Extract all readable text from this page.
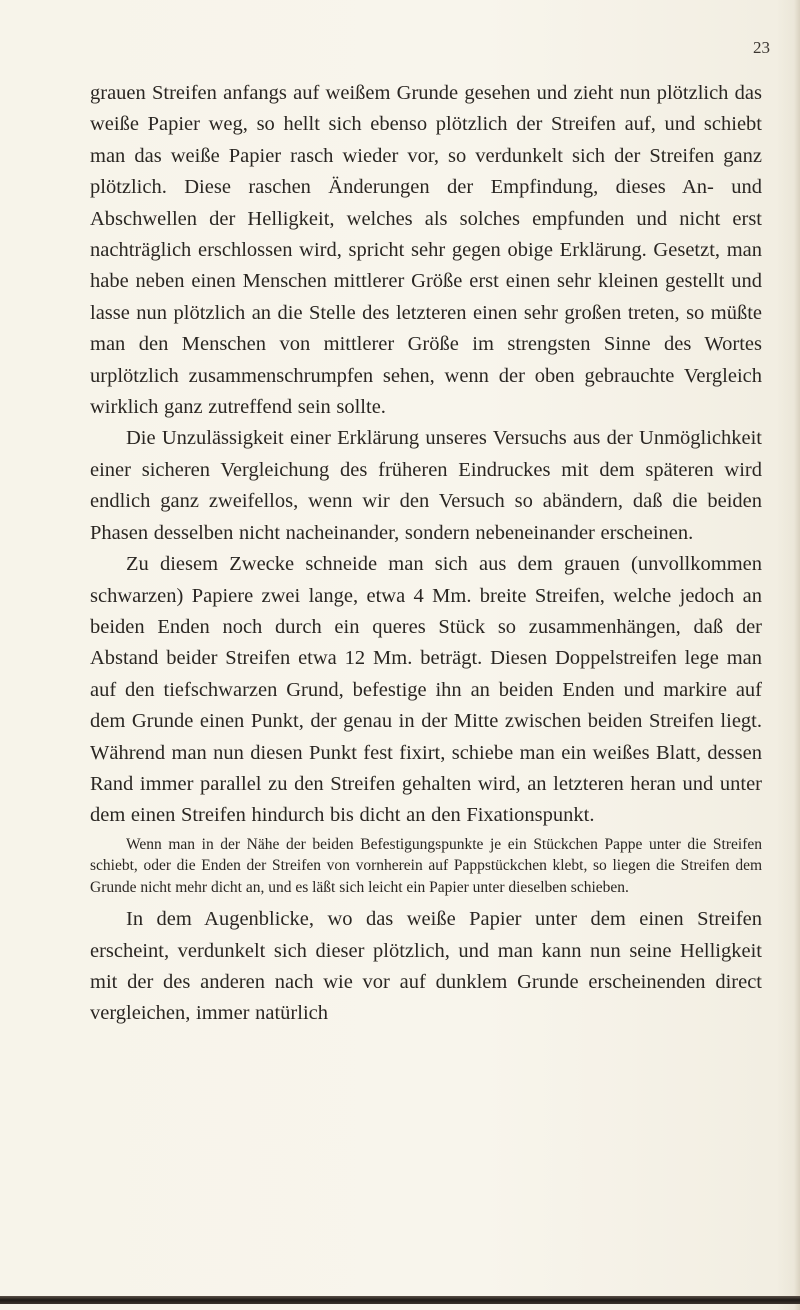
23

grauen Streifen anfangs auf weißem Grunde gesehen und zieht nun plötzlich das weiße Papier weg, so hellt sich ebenso plötzlich der Streifen auf, und schiebt man das weiße Papier rasch wieder vor, so verdunkelt sich der Streifen ganz plötzlich. Diese raschen Änderungen der Empfindung, dieses An- und Abschwellen der Helligkeit, welches als solches empfunden und nicht erst nachträglich erschlossen wird, spricht sehr gegen obige Erklärung. Gesetzt, man habe neben einen Menschen mittlerer Größe erst einen sehr kleinen gestellt und lasse nun plötzlich an die Stelle des letzteren einen sehr großen treten, so müßte man den Menschen von mittlerer Größe im strengsten Sinne des Wortes urplötzlich zusammenschrumpfen sehen, wenn der oben gebrauchte Vergleich wirklich ganz zutreffend sein sollte.

Die Unzulässigkeit einer Erklärung unseres Versuchs aus der Unmöglichkeit einer sicheren Vergleichung des früheren Eindruckes mit dem späteren wird endlich ganz zweifellos, wenn wir den Versuch so abändern, daß die beiden Phasen desselben nicht nacheinander, sondern nebeneinander erscheinen.

Zu diesem Zwecke schneide man sich aus dem grauen (unvollkommen schwarzen) Papiere zwei lange, etwa 4 Mm. breite Streifen, welche jedoch an beiden Enden noch durch ein queres Stück so zusammenhängen, daß der Abstand beider Streifen etwa 12 Mm. beträgt. Diesen Doppelstreifen lege man auf den tiefschwarzen Grund, befestige ihn an beiden Enden und markire auf dem Grunde einen Punkt, der genau in der Mitte zwischen beiden Streifen liegt. Während man nun diesen Punkt fest fixirt, schiebe man ein weißes Blatt, dessen Rand immer parallel zu den Streifen gehalten wird, an letzteren heran und unter dem einen Streifen hindurch bis dicht an den Fixationspunkt.

Wenn man in der Nähe der beiden Befestigungspunkte je ein Stückchen Pappe unter die Streifen schiebt, oder die Enden der Streifen von vornherein auf Pappstückchen klebt, so liegen die Streifen dem Grunde nicht mehr dicht an, und es läßt sich leicht ein Papier unter dieselben schieben.

In dem Augenblicke, wo das weiße Papier unter dem einen Streifen erscheint, verdunkelt sich dieser plötzlich, und man kann nun seine Helligkeit mit der des anderen nach wie vor auf dunklem Grunde erscheinenden direct vergleichen, immer natürlich
